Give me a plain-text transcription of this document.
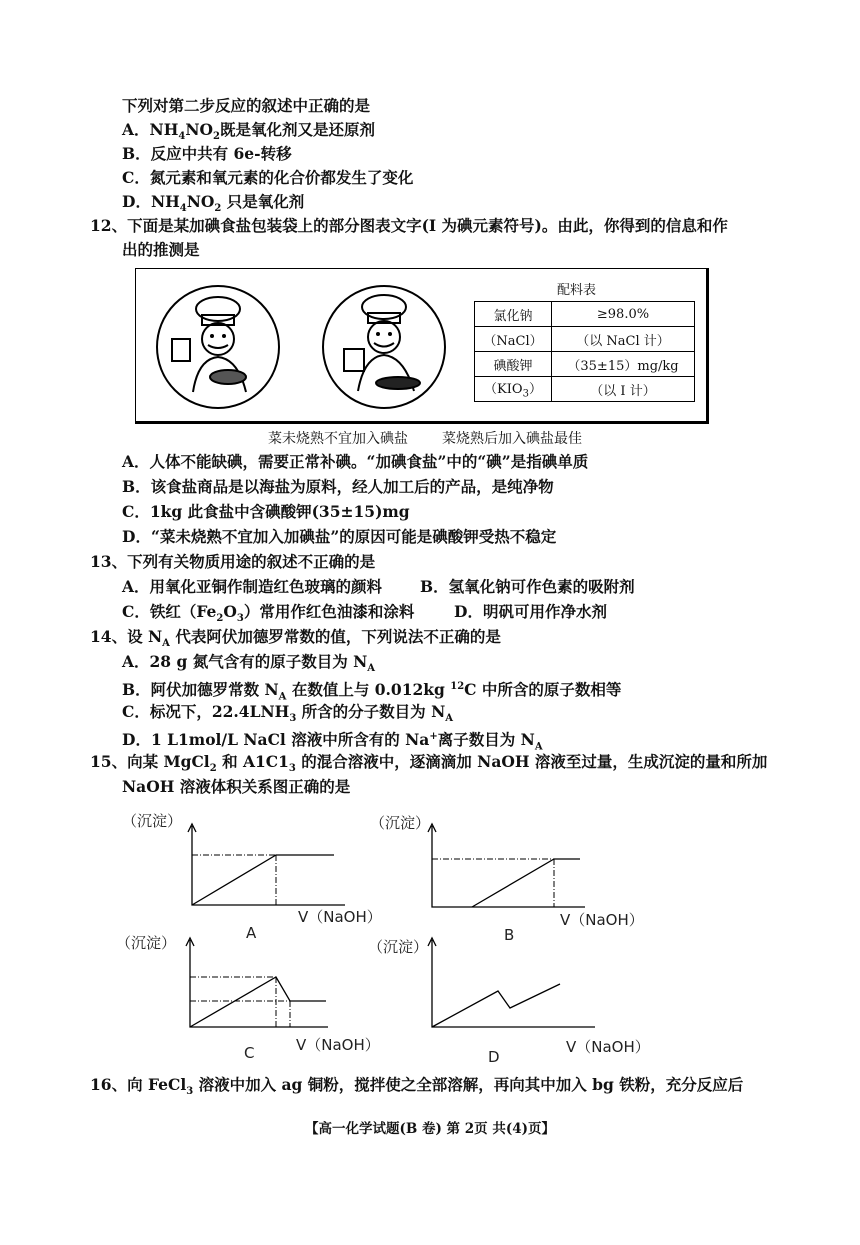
下列对第二步反应的叙述中正确的是
A．$NH_4NO_2$既是氧化剂又是还原剂
B．反应中共有 6e-转移
C．氮元素和氧元素的化合价都发生了变化
D．$NH_4NO_2$ 只是氧化剂
12、下面是某加碘食盐包装袋上的部分图表文字(I 为碘元素符号)。由此，你得到的信息和作
出的推测是
配料表
氯化钠	≥98.0%
（NaCl）	（以 NaCl 计）
碘酸钾	（35±15）mg/kg
$(KIO_3)$	（以 I 计）
菜未烧熟不宜加入碘盐 菜烧熟后加入碘盐最佳
A．人体不能缺碘，需要正常补碘。“加碘食盐”中的“碘”是指碘单质
B．该食盐商品是以海盐为原料，经人加工后的产品，是纯净物
C．1kg 此食盐中含碘酸钾(35±15)mg
D．“菜未烧熟不宜加入加碘盐”的原因可能是碘酸钾受热不稳定
13、下列有关物质用途的叙述不正确的是
A．用氧化亚铜作制造红色玻璃的颜料 B．氢氧化钠可作色素的吸附剂
C．铁红$(Fe_2O_3)$常用作红色油漆和涂料	D．明矾可用作净水剂
14、设 $N_A$ 代表阿伏加德罗常数的值，下列说法不正确的是
A．28 g 氮气含有的原子数目为 $N_A$
B．阿伏加德罗常数 $N_A$ 在数值上与 0.012kg $^{12}$C 中所含的原子数相等
C．标况下，$22.4LNH_3$ 所含的分子数目为 $N_A$
D．1 L1mol/L NaCl 溶液中所含有的 Na+离子数目为 $N_A$
15、向某 MgCl$_2$ 和 $A1C1_3$ 的混合溶液中，逐滴滴加 NaOH 溶液至过量，生成沉淀的量和所加
NaOH 溶液体积关系图正确的是
（沉淀）
V（NaOH）
A
（沉淀）
V（NaOH）
B
（沉淀）
V（NaOH）
C
（沉淀）
V（NaOH）
D
16、向 FeCl$_3$ 溶液中加入 ag 铜粉，搅拌使之全部溶解，再向其中加入 bg 铁粉，充分反应后
【高一化学试题(B 卷) 第 2页 共(4)页】
